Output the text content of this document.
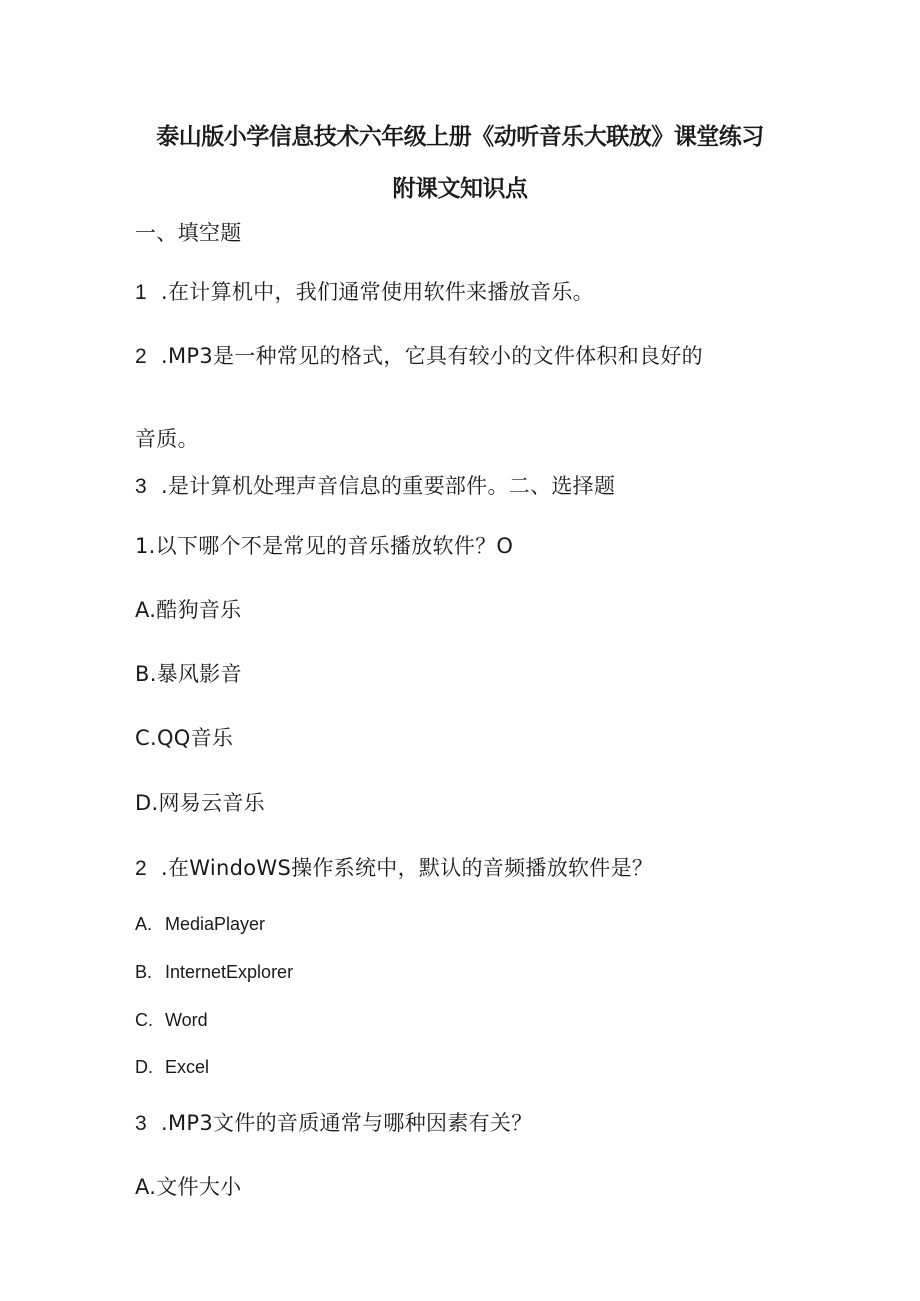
泰山版小学信息技术六年级上册《动听音乐大联放》课堂练习
附课文知识点
一、填空题
1 .在计算机中，我们通常使用软件来播放音乐。
2 .MP3是一种常见的格式，它具有较小的文件体积和良好的
音质。
3 .是计算机处理声音信息的重要部件。二、选择题
1.以下哪个不是常见的音乐播放软件？O
A.酷狗音乐
B.暴风影音
C.QQ音乐
D.网易云音乐
2 .在WindoWS操作系统中，默认的音频播放软件是？
A. MediaPlayer
B. InternetExplorer
C. Word
D. Excel
3 .MP3文件的音质通常与哪种因素有关？
A.文件大小
